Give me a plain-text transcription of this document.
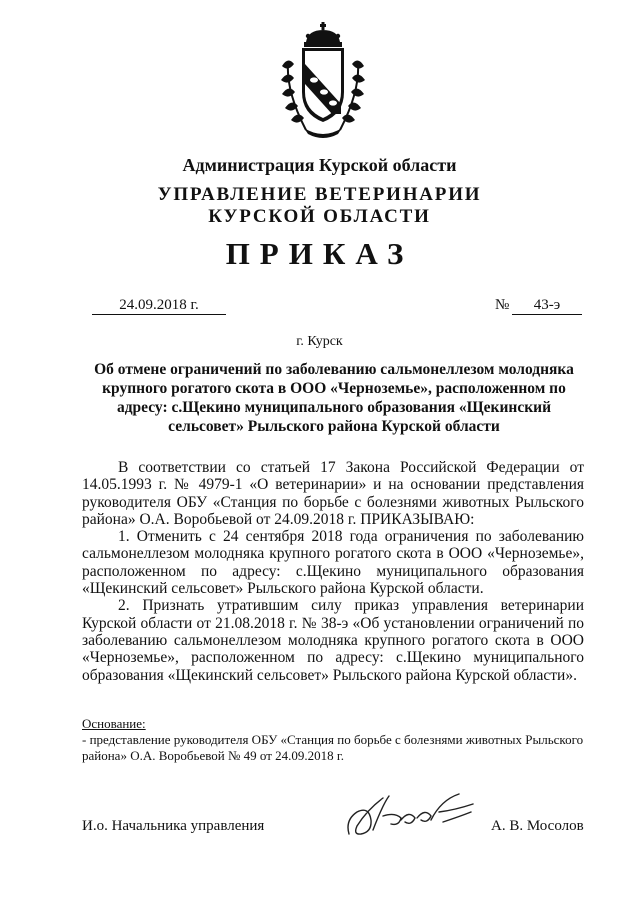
Администрация Курской области
УПРАВЛЕНИЕ ВЕТЕРИНАРИИ
КУРСКОЙ ОБЛАСТИ
ПРИКАЗ
24.09.2018 г.	№	43-э
г. Курск
Об отмене ограничений по заболеванию сальмонеллезом молодняка крупного рогатого скота в ООО «Черноземье», расположенном по адресу: с.Щекино муниципального образования «Щекинский сельсовет» Рыльского района Курской области

В соответствии со статьей 17 Закона Российской Федерации от 14.05.1993 г. № 4979-1 «О ветеринарии» и на основании представления руководителя ОБУ «Станция по борьбе с болезнями животных Рыльского района» О.А. Воробьевой от 24.09.2018 г. ПРИКАЗЫВАЮ:

1. Отменить с 24 сентября 2018 года ограничения по заболеванию сальмонеллезом молодняка крупного рогатого скота в ООО «Черноземье», расположенном по адресу: с.Щекино муниципального образования «Щекинский сельсовет» Рыльского района Курской области.

2. Признать утратившим силу приказ управления ветеринарии Курской области от 21.08.2018 г. № 38-э «Об установлении ограничений по заболеванию сальмонеллезом молодняка крупного рогатого скота в ООО «Черноземье», расположенном по адресу: с.Щекино муниципального образования «Щекинский сельсовет» Рыльского района Курской области».

Основание:
- представление руководителя ОБУ «Станция по борьбе с болезнями животных Рыльского района» О.А. Воробьевой № 49 от 24.09.2018 г.
И.о. Начальника управления	А. В. Мосолов
